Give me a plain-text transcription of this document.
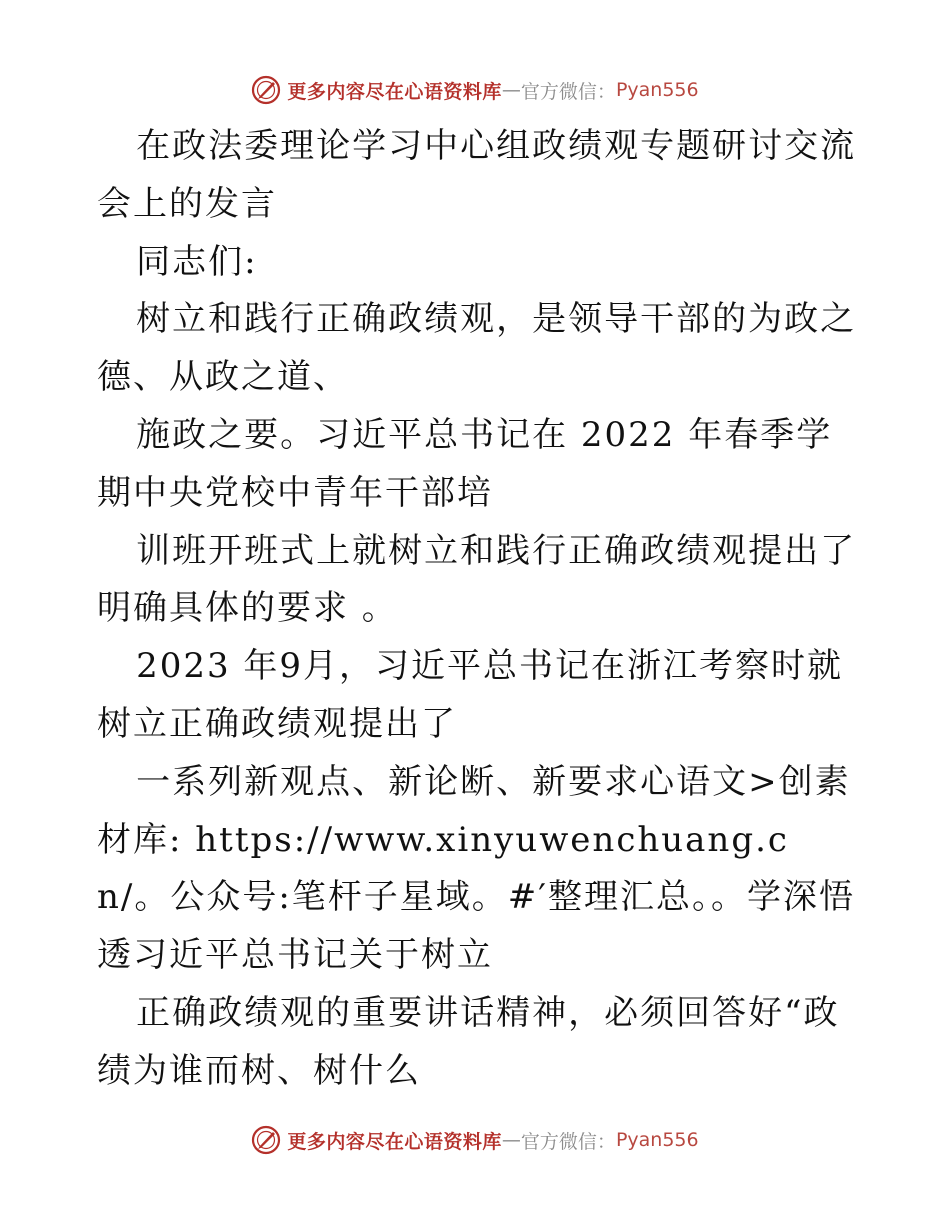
更多内容尽在心语资料库 — 官方微信： Pyan556

在政法委理论学习中心组政绩观专题研讨交流会上的发言

同志们:

树立和践行正确政绩观，是领导干部的为政之德、从政之道、

施政之要。习近平总书记在 2022 年春季学期中央党校中青年干部培

训班开班式上就树立和践行正确政绩观提出了明确具体的要求 。

2023 年9月，习近平总书记在浙江考察时就树立正确政绩观提出了

一系列新观点、新论断、新要求心语文>创素材库: https://www.xinyuwenchuang.cn/。公众号:笔杆子星域。#′整理汇总。。学深悟透习近平总书记关于树立

正确政绩观的重要讲话精神，必须回答好“政绩为谁而树、树什么

更多内容尽在心语资料库 — 官方微信： Pyan556
